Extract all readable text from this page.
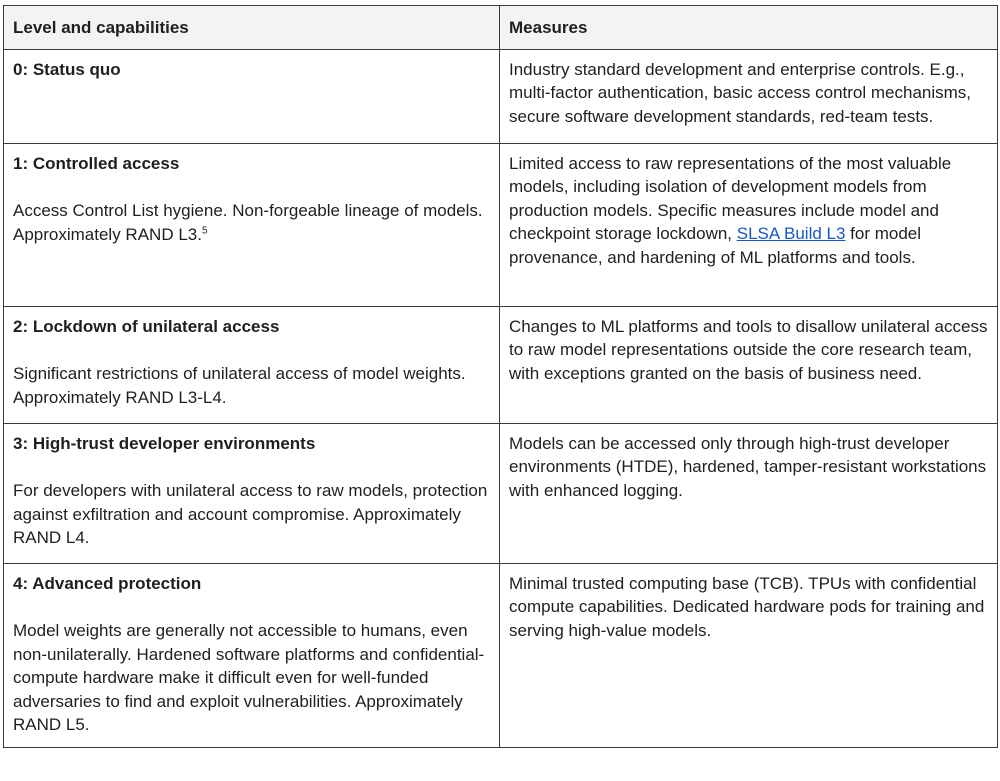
Level and capabilities	Measures

0: Status quo	Industry standard development and enterprise controls. E.g., multi-factor authentication, basic access control mechanisms, secure software development standards, red-team tests.

1: Controlled access
Access Control List hygiene. Non-forgeable lineage of models. Approximately RAND L3.$^5$	Limited access to raw representations of the most valuable models, including isolation of development models from production models. Specific measures include model and checkpoint storage lockdown, SLSA Build L3 for model provenance, and hardening of ML platforms and tools.

2: Lockdown of unilateral access
Significant restrictions of unilateral access of model weights. Approximately RAND L3-L4.	Changes to ML platforms and tools to disallow unilateral access to raw model representations outside the core research team, with exceptions granted on the basis of business need.

3: High-trust developer environments
For developers with unilateral access to raw models, protection against exfiltration and account compromise. Approximately RAND L4.	Models can be accessed only through high-trust developer environments (HTDE), hardened, tamper-resistant workstations with enhanced logging.

4: Advanced protection
Model weights are generally not accessible to humans, even non-unilaterally. Hardened software platforms and confidential-compute hardware make it difficult even for well-funded adversaries to find and exploit vulnerabilities. Approximately RAND L5.	Minimal trusted computing base (TCB). TPUs with confidential compute capabilities. Dedicated hardware pods for training and serving high-value models.
